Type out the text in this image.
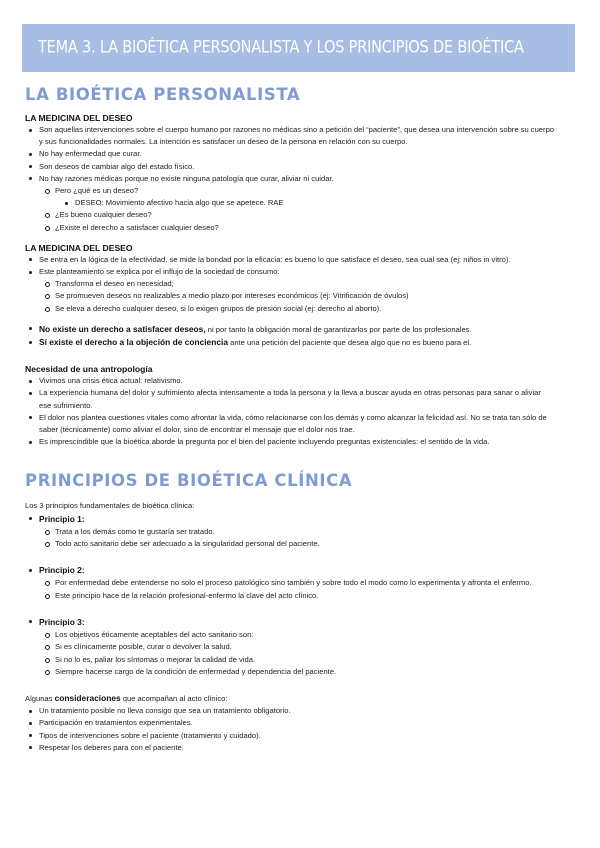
TEMA 3. LA BIOÉTICA PERSONALISTA Y LOS PRINCIPIOS DE BIOÉTICA
LA BIOÉTICA PERSONALISTA
LA MEDICINA DEL DESEO
Son aquellas intervenciones sobre el cuerpo humano por razones no médicas sino a petición del “paciente”, que desea una intervención sobre su cuerpo y sus funcionalidades normales. La intención es satisfacer un deseo de la persona en relación con su cuerpo.
No hay enfermedad que curar.
Son deseos de cambiar algo del estado físico.
No hay razones médicas porque no existe ninguna patología que curar, aliviar ni cuidar.
Pero ¿qué es un deseo?
DESEO: Movimiento afectivo hacia algo que se apetece. RAE
¿Es bueno cualquier deseo?
¿Existe el derecho a satisfacer cualquier deseo?
LA MEDICINA DEL DESEO
Se entra en la lógica de la efectividad, se mide la bondad por la eficacia: es bueno lo que satisface el deseo, sea cual sea (ej: niños in vitro).
Este planteamiento se explica por el influjo de la sociedad de consumo:
Transforma el deseo en necesidad;
Se promueven deseos no realizables a medio plazo por intereses económicos (ej: Vitrificación de óvulos)
Se eleva a derecho cualquier deseo, si lo exigen grupos de presión social (ej: derecho al aborto).
No existe un derecho a satisfacer deseos, ni por tanto la obligación moral de garantizarlos por parte de los profesionales.
Sí existe el derecho a la objeción de conciencia ante una petición del paciente que desea algo que no es bueno para el.
Necesidad de una antropología
Vivimos una crisis ética actual: relativismo.
La experiencia humana del dolor y sufrimiento afecta intensamente a toda la persona y la lleva a buscar ayuda en otras personas para sanar o aliviar ese sufrimiento.
El dolor nos plantea cuestiones vitales como afrontar la vida, cómo relacionarse con los demás y como alcanzar la felicidad así. No se trata tan sólo de saber (técnicamente) como aliviar el dolor, sino de encontrar el mensaje que el dolor nos trae.
Es imprescindible que la bioética aborde la pregunta por el bien del paciente incluyendo preguntas existenciales: el sentido de la vida.
PRINCIPIOS DE BIOÉTICA CLÍNICA

Los 3 principios fundamentales de bioética clínica:

Principio 1:
Trata a los demás como te gustaría ser tratado.
Todo acto sanitario debe ser adecuado a la singularidad personal del paciente.
Principio 2:
Por enfermedad debe entenderse no solo el proceso patológico sino también y sobre todo el modo como lo experimenta y afronta el enfermo.
Este principio hace de la relación profesional-enfermo la clave del acto clínico.
Principio 3:
Los objetivos éticamente aceptables del acto sanitario son:
Si es clínicamente posible, curar o devolver la salud.
Si no lo es, paliar los síntomas o mejorar la calidad de vida.
Siempre hacerse cargo de la condición de enfermedad y dependencia del paciente.

Algunas consideraciones que acompañan al acto clínico:

Un tratamiento posible no lleva consigo que sea un tratamiento obligatorio.
Participación en tratamientos experimentales.
Tipos de intervenciones sobre el paciente (tratamiento y cuidado).
Respetar los deberes para con el paciente.
